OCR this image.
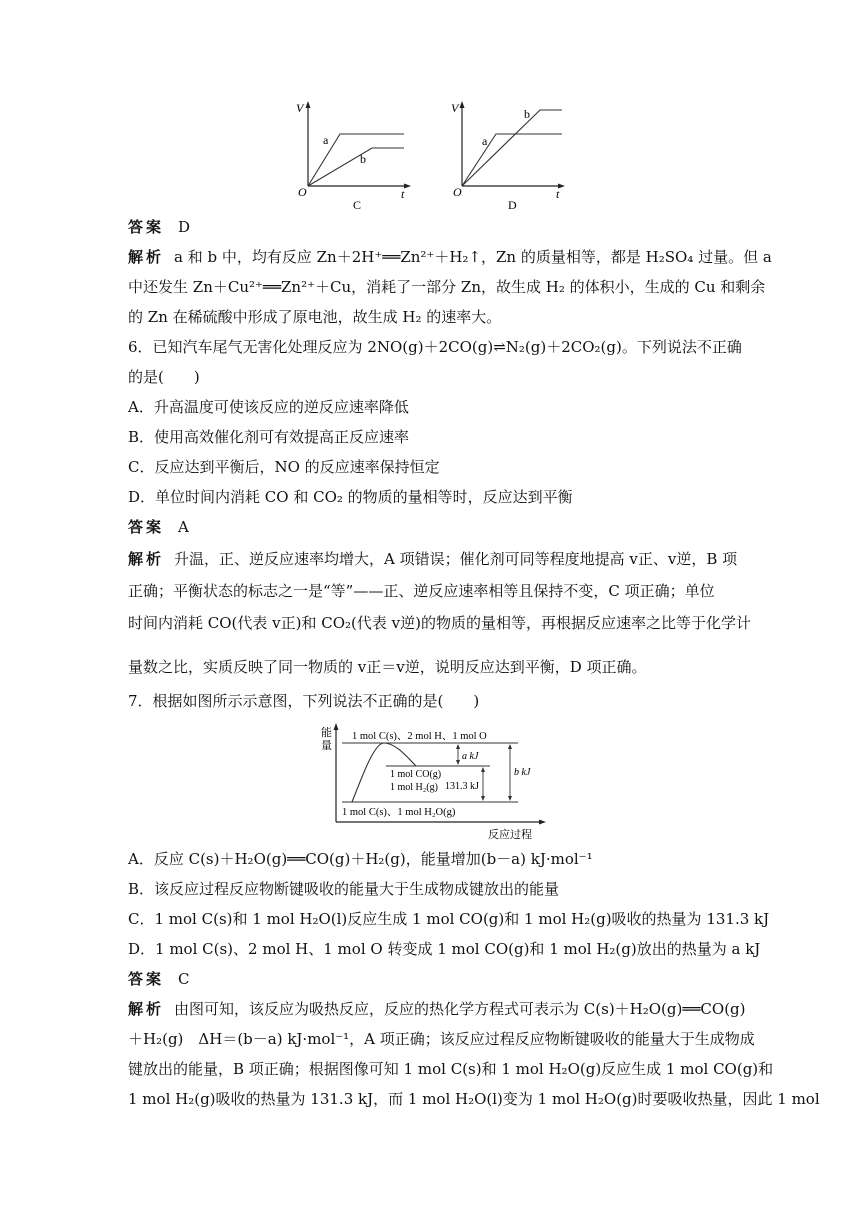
V
t
O
a
b
C
V
t
O
a
b
D
答案 D
解析 a 和 b 中，均有反应 Zn＋2H⁺══Zn²⁺＋H₂↑，Zn 的质量相等，都是 H₂SO₄ 过量。但 a
中还发生 Zn＋Cu²⁺══Zn²⁺＋Cu，消耗了一部分 Zn，故生成 H₂ 的体积小，生成的 Cu 和剩余
的 Zn 在稀硫酸中形成了原电池，故生成 H₂ 的速率大。
6．已知汽车尾气无害化处理反应为 2NO(g)＋2CO(g)⇌N₂(g)＋2CO₂(g)。下列说法不正确
的是(　　)
A．升高温度可使该反应的逆反应速率降低
B．使用高效催化剂可有效提高正反应速率
C．反应达到平衡后，NO 的反应速率保持恒定
D．单位时间内消耗 CO 和 CO₂ 的物质的量相等时，反应达到平衡
答案 A
解析 升温，正、逆反应速率均增大，A 项错误；催化剂可同等程度地提高 v正、v逆，B 项
正确；平衡状态的标志之一是“等”——正、逆反应速率相等且保持不变，C 项正确；单位
时间内消耗 CO(代表 v正)和 CO₂(代表 v逆)的物质的量相等，再根据反应速率之比等于化学计
量数之比，实质反映了同一物质的 v正＝v逆，说明反应达到平衡，D 项正确。
7．根据如图所示示意图，下列说法不正确的是(　　)
能
量
反应过程
1 mol C(s)、2 mol H、1 mol O
1 mol CO(g)
1 mol H₂(g)
1 mol C(s)、1 mol H₂O(g)
a kJ
b kJ
131.3 kJ
A．反应 C(s)＋H₂O(g)══CO(g)＋H₂(g)，能量增加(b－a) kJ·mol⁻¹
B．该反应过程反应物断键吸收的能量大于生成物成键放出的能量
C．1 mol C(s)和 1 mol H₂O(l)反应生成 1 mol CO(g)和 1 mol H₂(g)吸收的热量为 131.3 kJ
D．1 mol C(s)、2 mol H、1 mol O 转变成 1 mol CO(g)和 1 mol H₂(g)放出的热量为 a kJ
答案 C
解析 由图可知，该反应为吸热反应，反应的热化学方程式可表示为 C(s)＋H₂O(g)══CO(g)
＋H₂(g)　ΔH＝(b－a) kJ·mol⁻¹，A 项正确；该反应过程反应物断键吸收的能量大于生成物成
键放出的能量，B 项正确；根据图像可知 1 mol C(s)和 1 mol H₂O(g)反应生成 1 mol CO(g)和
1 mol H₂(g)吸收的热量为 131.3 kJ，而 1 mol H₂O(l)变为 1 mol H₂O(g)时要吸收热量，因此 1 mol
